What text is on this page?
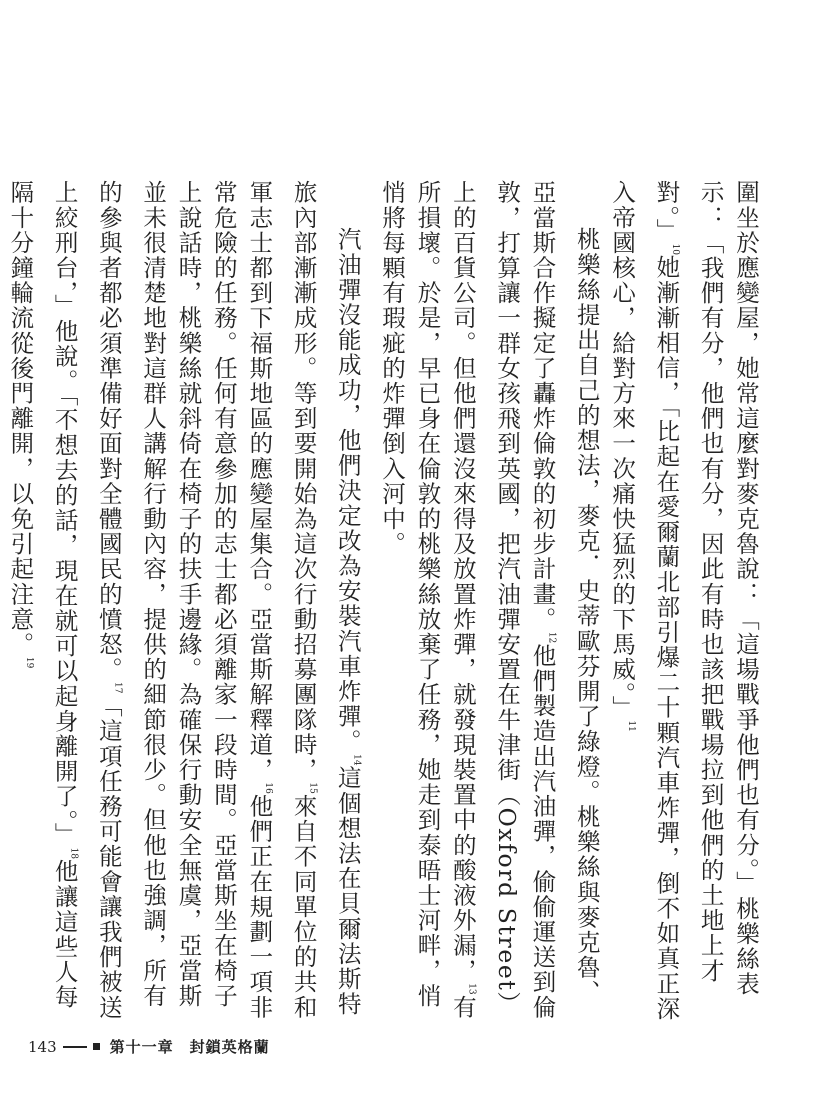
圍坐於應變屋，她常這麼對麥克魯說：「這場戰爭他們也有分。」桃樂絲表示：「我們有分，他們也有分，因此有時也該把戰場拉到他們的土地上才對。」$^{10}$她漸漸相信，「比起在愛爾蘭北部引爆二十顆汽車炸彈，倒不如真正深入帝國核心，給對方來一次痛快猛烈的下馬威。」$^{11}$

桃樂絲提出自己的想法，麥克．史蒂歐芬開了綠燈。桃樂絲與麥克魯、亞當斯合作擬定了轟炸倫敦的初步計畫。$^{12}$他們製造出汽油彈，偷偷運送到倫敦，打算讓一群女孩飛到英國，把汽油彈安置在牛津街（Oxford Street）上的百貨公司。但他們還沒來得及放置炸彈，就發現裝置中的酸液外漏，$^{13}$有所損壞。於是，早已身在倫敦的桃樂絲放棄了任務，她走到泰晤士河畔，悄悄將每顆有瑕疵的炸彈倒入河中。

汽油彈沒能成功，他們決定改為安裝汽車炸彈。$^{14}$這個想法在貝爾法斯特旅內部漸漸成形。等到要開始為這次行動招募團隊時，$^{15}$來自不同單位的共和軍志士都到下福斯地區的應變屋集合。亞當斯解釋道，$^{16}$他們正在規劃一項非常危險的任務。任何有意參加的志士都必須離家一段時間。亞當斯坐在椅子上說話時，桃樂絲就斜倚在椅子的扶手邊緣。為確保行動安全無虞，亞當斯並未很清楚地對這群人講解行動內容，提供的細節很少。但他也強調，所有的參與者都必須準備好面對全體國民的憤怒。$^{17}$「這項任務可能會讓我們被送上絞刑台，」他說。「不想去的話，現在就可以起身離開了。」$^{18}$他讓這些人每隔十分鐘輪流從後門離開，以免引起注意。$^{19}$

143	第十一章　封鎖英格蘭
